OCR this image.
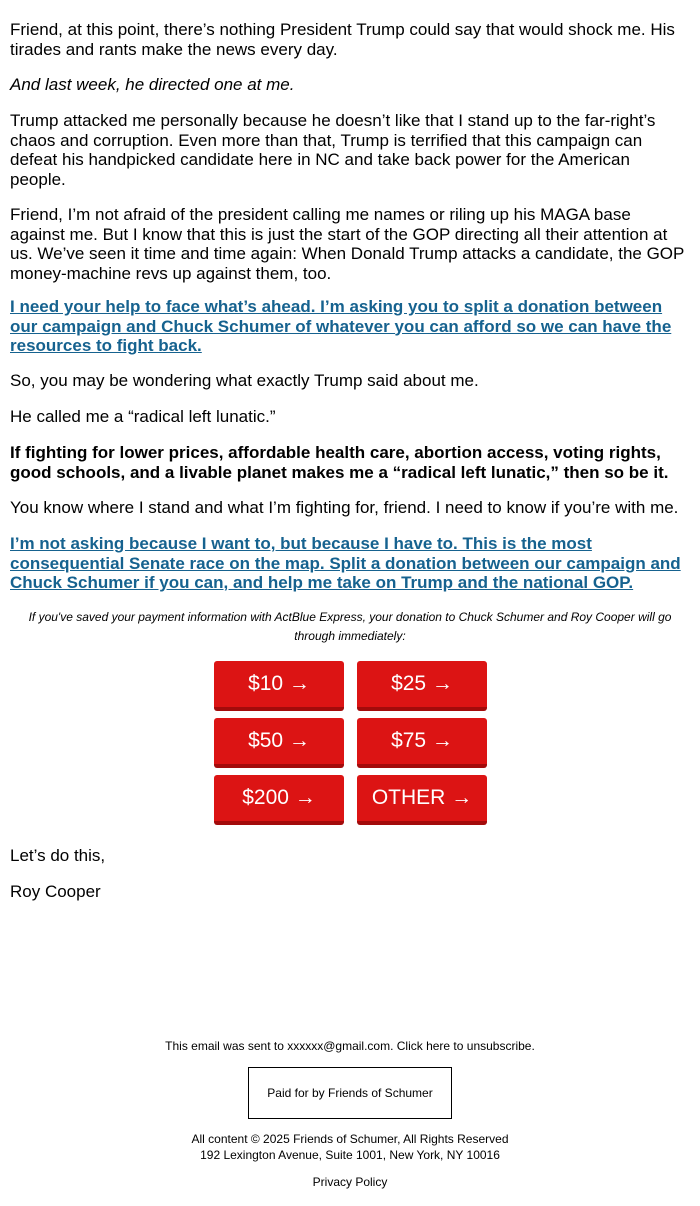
Friend, at this point, there’s nothing President Trump could say that would shock me. His tirades and rants make the news every day.

And last week, he directed one at me.

Trump attacked me personally because he doesn’t like that I stand up to the far-right’s chaos and corruption. Even more than that, Trump is terrified that this campaign can defeat his handpicked candidate here in NC and take back power for the American people.

Friend, I’m not afraid of the president calling me names or riling up his MAGA base against me. But I know that this is just the start of the GOP directing all their attention at us. We’ve seen it time and time again: When Donald Trump attacks a candidate, the GOP money-machine revs up against them, too.

I need your help to face what’s ahead. I’m asking you to split a donation between our campaign and Chuck Schumer of whatever you can afford so we can have the resources to fight back.

So, you may be wondering what exactly Trump said about me.

He called me a “radical left lunatic.”

If fighting for lower prices, affordable health care, abortion access, voting rights, good schools, and a livable planet makes me a “radical left lunatic,” then so be it.

You know where I stand and what I’m fighting for, friend. I need to know if you’re with me.

I’m not asking because I want to, but because I have to. This is the most consequential Senate race on the map. Split a donation between our campaign and Chuck Schumer if you can, and help me take on Trump and the national GOP.

If you've saved your payment information with ActBlue Express, your donation to Chuck Schumer and Roy Cooper will go through immediately:

$10 →	$25 →
$50 →	$75 →
$200 →	OTHER →

Let’s do this,

Roy Cooper

This email was sent to xxxxxx@gmail.com. Click here to unsubscribe.
Paid for by Friends of Schumer
All content © 2025 Friends of Schumer, All Rights Reserved
192 Lexington Avenue, Suite 1001, New York, NY 10016
Privacy Policy
